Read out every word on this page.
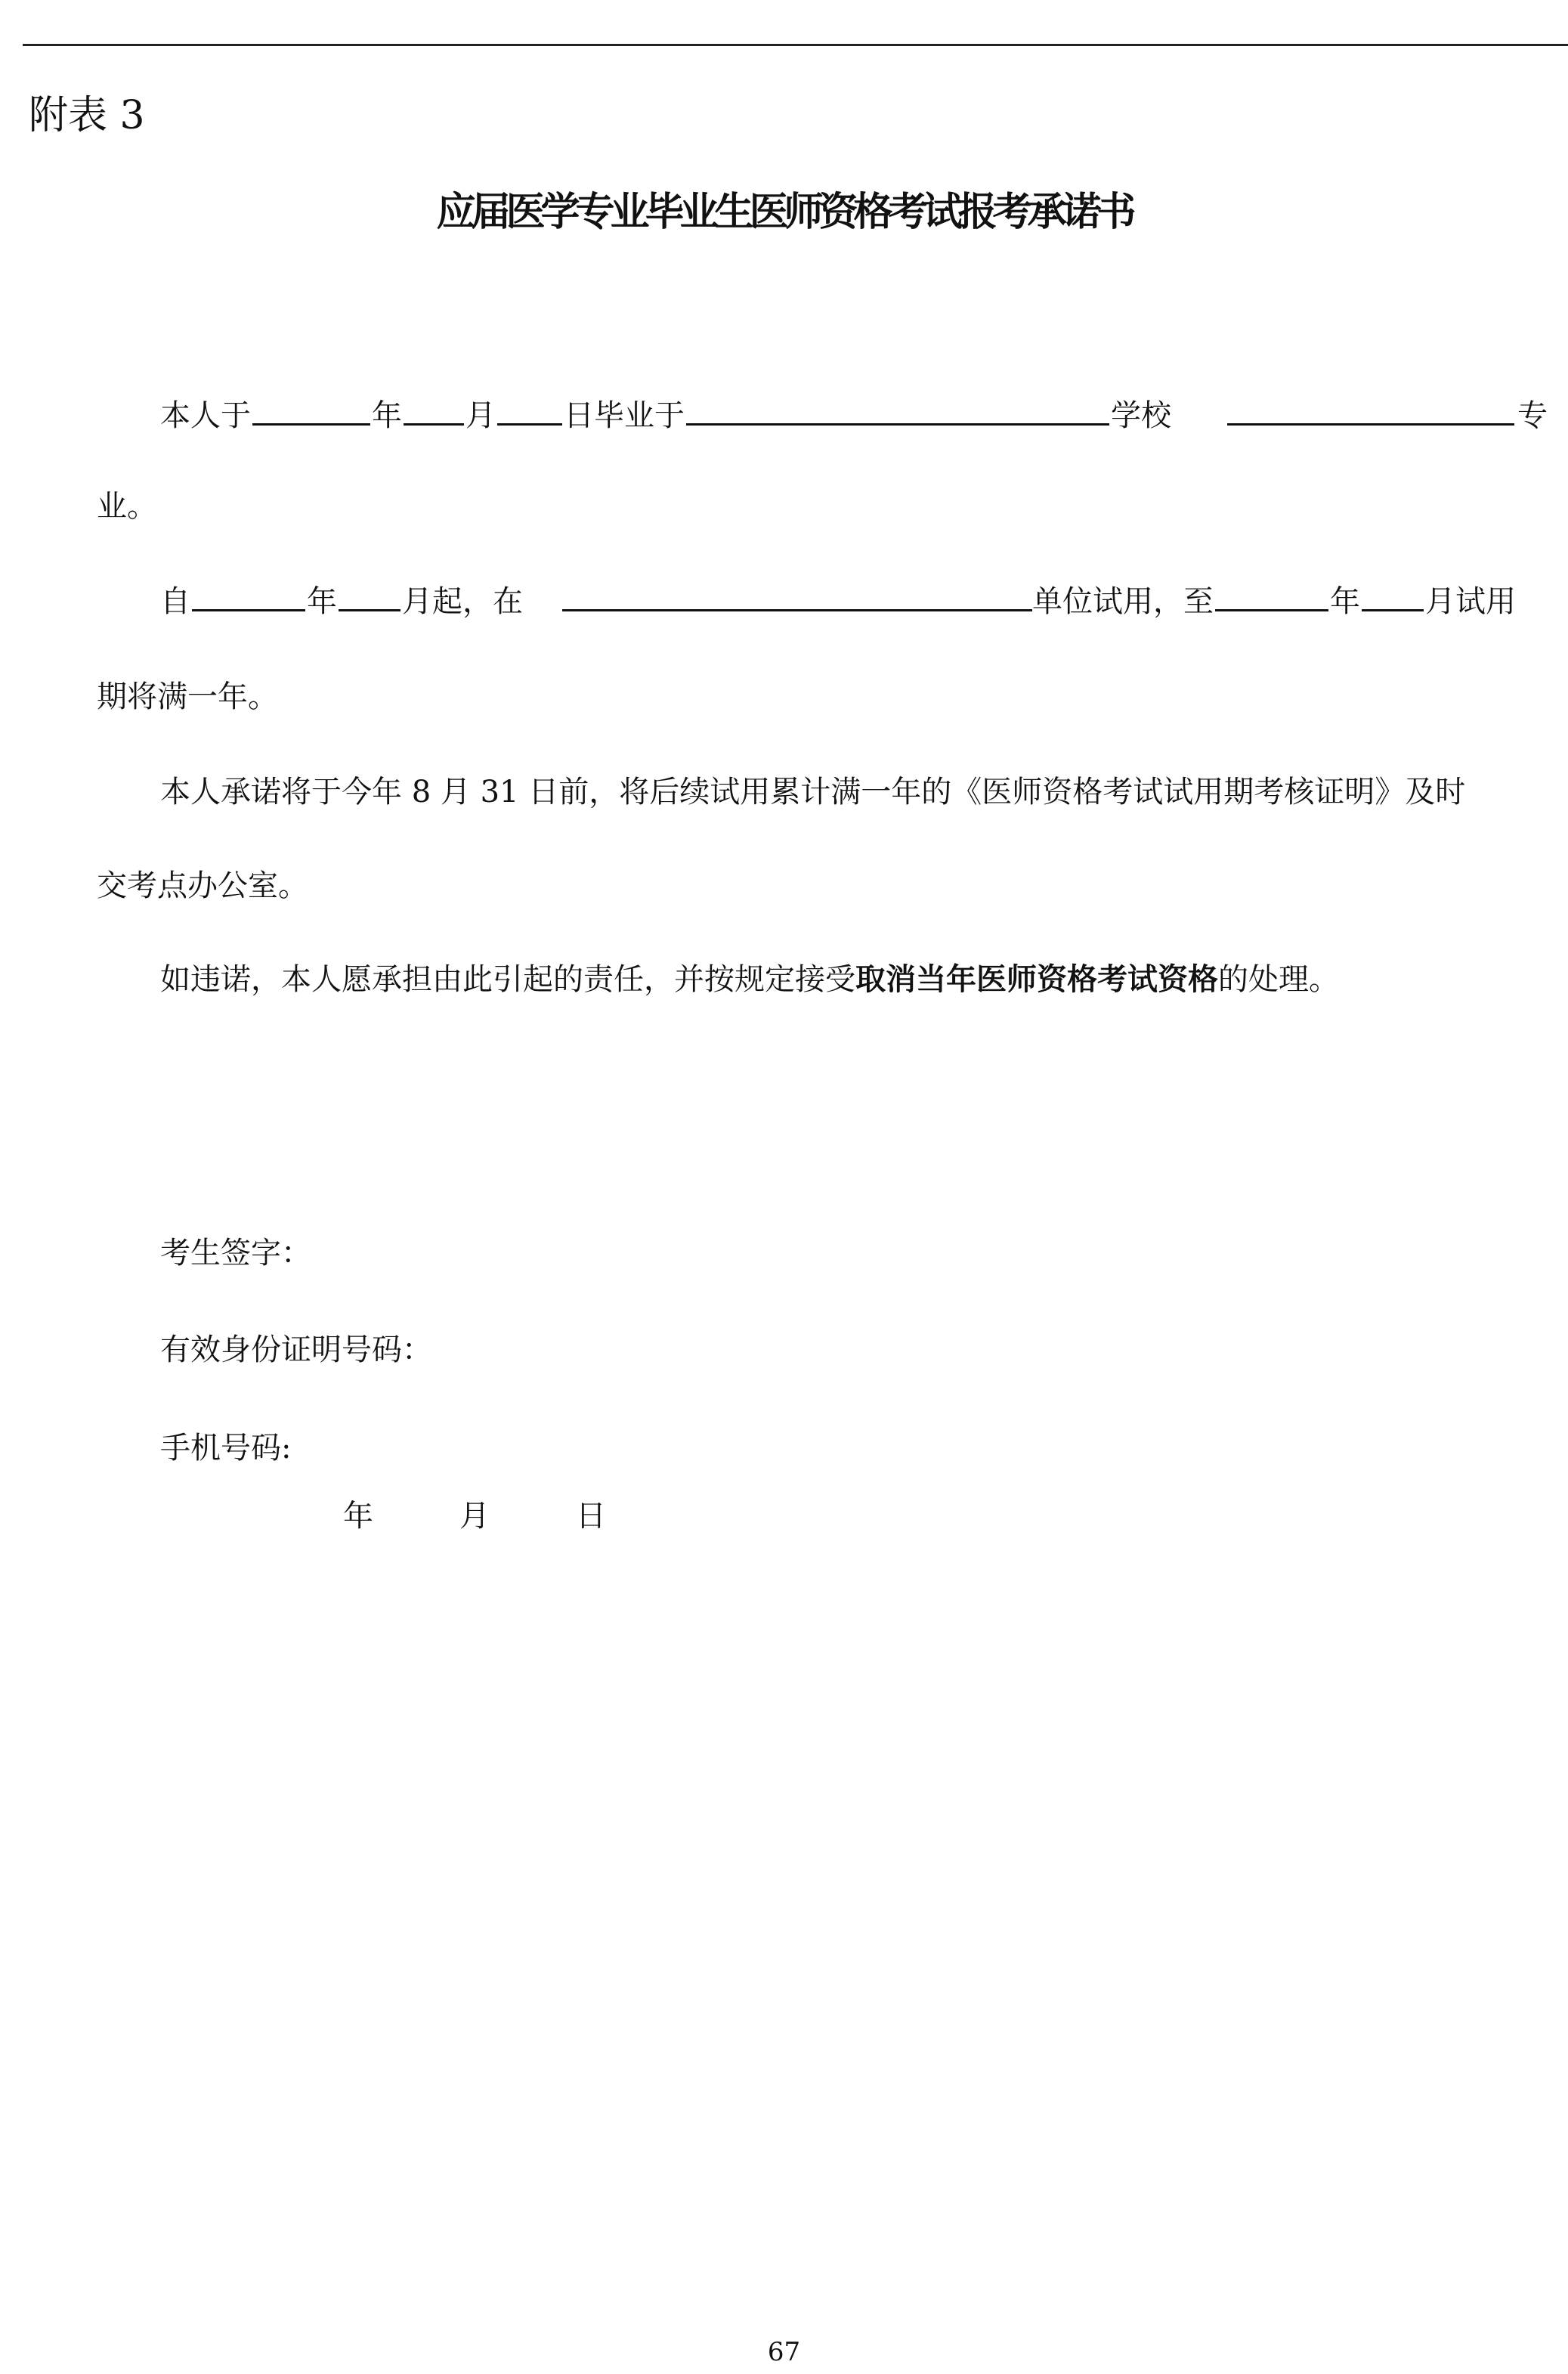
附表 3
应届医学专业毕业生医师资格考试报考承诺书
本人于	年 月 日毕业于	学校	专
业。
自	年 月起，在	单位试用，至	年 月试用
期将满一年。
本人承诺将于今年 8 月 31 日前，将后续试用累计满一年的《医师资格考试试用期考核证明》及时
交考点办公室。
如违诺，本人愿承担由此引起的责任，并按规定接受取消当年医师资格考试资格的处理。
考生签字：
有效身份证明号码：
手机号码:
年	月	日
67
